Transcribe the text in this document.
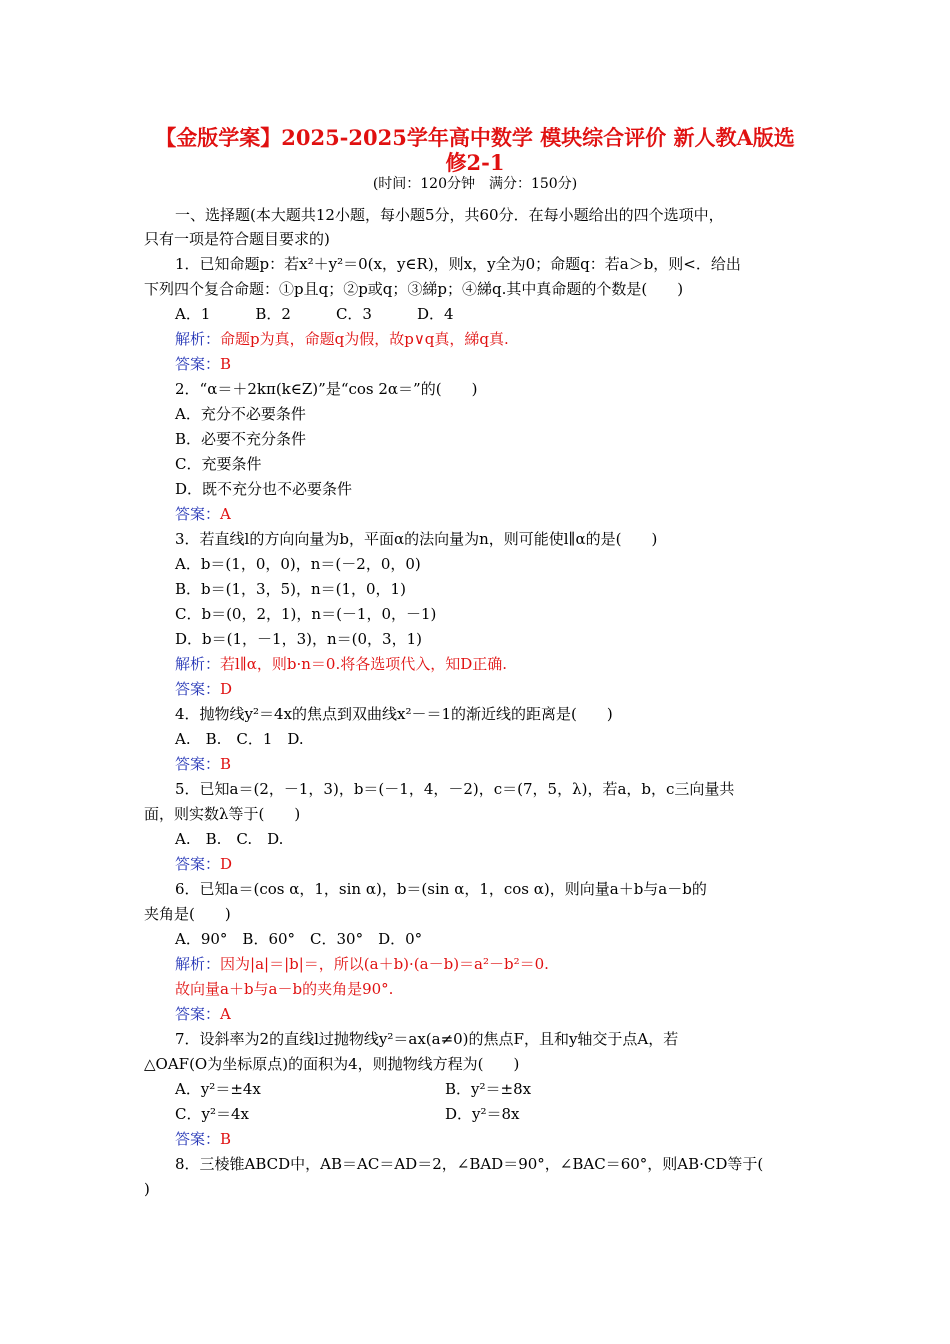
【金版学案】2025-2025学年高中数学 模块综合评价 新人教A版选
修2-1
(时间：120分钟　满分：150分)
一、选择题(本大题共12小题，每小题5分，共60分．在每小题给出的四个选项中，
只有一项是符合题目要求的)
1．已知命题p：若x²＋y²＝0(x，y∈R)，则x，y全为0；命题q：若a＞b，则<．给出
下列四个复合命题：①p且q；②p或q；③綈p；④綈q.其中真命题的个数是(　　)
A．1　　　B．2　　　C．3　　　D．4
解析：命题p为真，命题q为假，故p∨q真，綈q真.
答案：B
2．“α＝＋2kπ(k∈Z)”是“cos 2α＝”的(　　)
A．充分不必要条件
B．必要不充分条件
C．充要条件
D．既不充分也不必要条件
答案：A
3．若直线l的方向向量为b，平面α的法向量为n，则可能使l∥α的是(　　)
A．b＝(1，0，0)，n＝(－2，0，0)
B．b＝(1，3，5)，n＝(1，0，1)
C．b＝(0，2，1)，n＝(－1，0，－1)
D．b＝(1，－1，3)，n＝(0，3，1)
解析：若l∥α，则b·n＝0.将各选项代入，知D正确.
答案：D
4．抛物线y²＝4x的焦点到双曲线x²－＝1的渐近线的距离是(　　)
A.　B.　C．1　D.
答案：B
5．已知a＝(2，－1，3)，b＝(－1，4，－2)，c＝(7，5，λ)，若a，b，c三向量共
面，则实数λ等于(　　)
A.　B.　C.　D.
答案：D
6．已知a＝(cos α，1，sin α)，b＝(sin α，1，cos α)，则向量a＋b与a－b的
夹角是(　　)
A．90°　B．60°　C．30°　D．0°
解析：因为|a|＝|b|＝，所以(a＋b)·(a－b)＝a²－b²＝0.
故向量a＋b与a－b的夹角是90°.
答案：A
7．设斜率为2的直线l过抛物线y²＝ax(a≠0)的焦点F，且和y轴交于点A，若
△OAF(O为坐标原点)的面积为4，则抛物线方程为(　　)
A．y²＝±4x
C．y²＝4x
答案：B
8．三棱锥ABCD中，AB＝AC＝AD＝2，∠BAD＝90°，∠BAC＝60°，则AB·CD等于(
)
B．y²＝±8x
D．y²＝8x
